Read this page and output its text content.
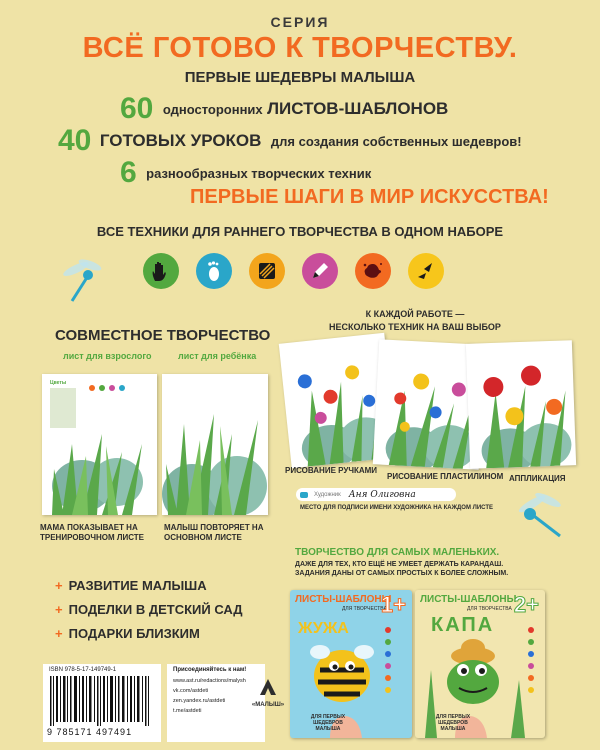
СЕРИЯ
ВСЁ ГОТОВО К ТВОРЧЕСТВУ.
ПЕРВЫЕ ШЕДЕВРЫ МАЛЫША
60 односторонних ЛИСТОВ-ШАБЛОНОВ
40 ГОТОВЫХ УРОКОВ для создания собственных шедевров!
6 разнообразных творческих техник
ПЕРВЫЕ ШАГИ В МИР ИСКУССТВА!
ВСЕ ТЕХНИКИ ДЛЯ РАННЕГО ТВОРЧЕСТВА В ОДНОМ НАБОРЕ
СОВМЕСТНОЕ ТВОРЧЕСТВО
лист для взрослого	лист для ребёнка
Цветы
МАМА ПОКАЗЫВАЕТ НА ТРЕНИРОВОЧНОМ ЛИСТЕ
МАЛЫШ ПОВТОРЯЕТ НА ОСНОВНОМ ЛИСТЕ
К КАЖДОЙ РАБОТЕ —
НЕСКОЛЬКО ТЕХНИК НА ВАШ ВЫБОР
РИСОВАНИЕ РУЧКАМИ
РИСОВАНИЕ ПЛАСТИЛИНОМ АППЛИКАЦИЯ
Художник Аня Олиговна
МЕСТО ДЛЯ ПОДПИСИ ИМЕНИ ХУДОЖНИКА НА КАЖДОМ ЛИСТЕ
ТВОРЧЕСТВО ДЛЯ САМЫХ МАЛЕНЬКИХ.
ДАЖЕ ДЛЯ ТЕХ, КТО ЕЩЁ НЕ УМЕЕТ ДЕРЖАТЬ КАРАНДАШ.
ЗАДАНИЯ ДАНЫ ОТ САМЫХ ПРОСТЫХ К БОЛЕЕ СЛОЖНЫМ.
+ РАЗВИТИЕ МАЛЫША
+ ПОДЕЛКИ В ДЕТСКИЙ САД
+ ПОДАРКИ БЛИЗКИМ
ЛИСТЫ-ШАБЛОНЫ
ДЛЯ ТВОРЧЕСТВА
1+
ЖУЖА
ДЛЯ ПЕРВЫХ ШЕДЕВРОВ МАЛЫША
ЛИСТЫ-ШАБЛОНЫ
ДЛЯ ТВОРЧЕСТВА 2+
КАПА
ДЛЯ ПЕРВЫХ ШЕДЕВРОВ МАЛЫША
ISBN 978-5-17-149749-1
9 785171 497491
Присоединяйтесь к нам!
www.ast.ru/redactions/malysh
vk.com/astdeti
zen.yandex.ru/astdeti
t.me/astdeti
«МАЛЫШ»
